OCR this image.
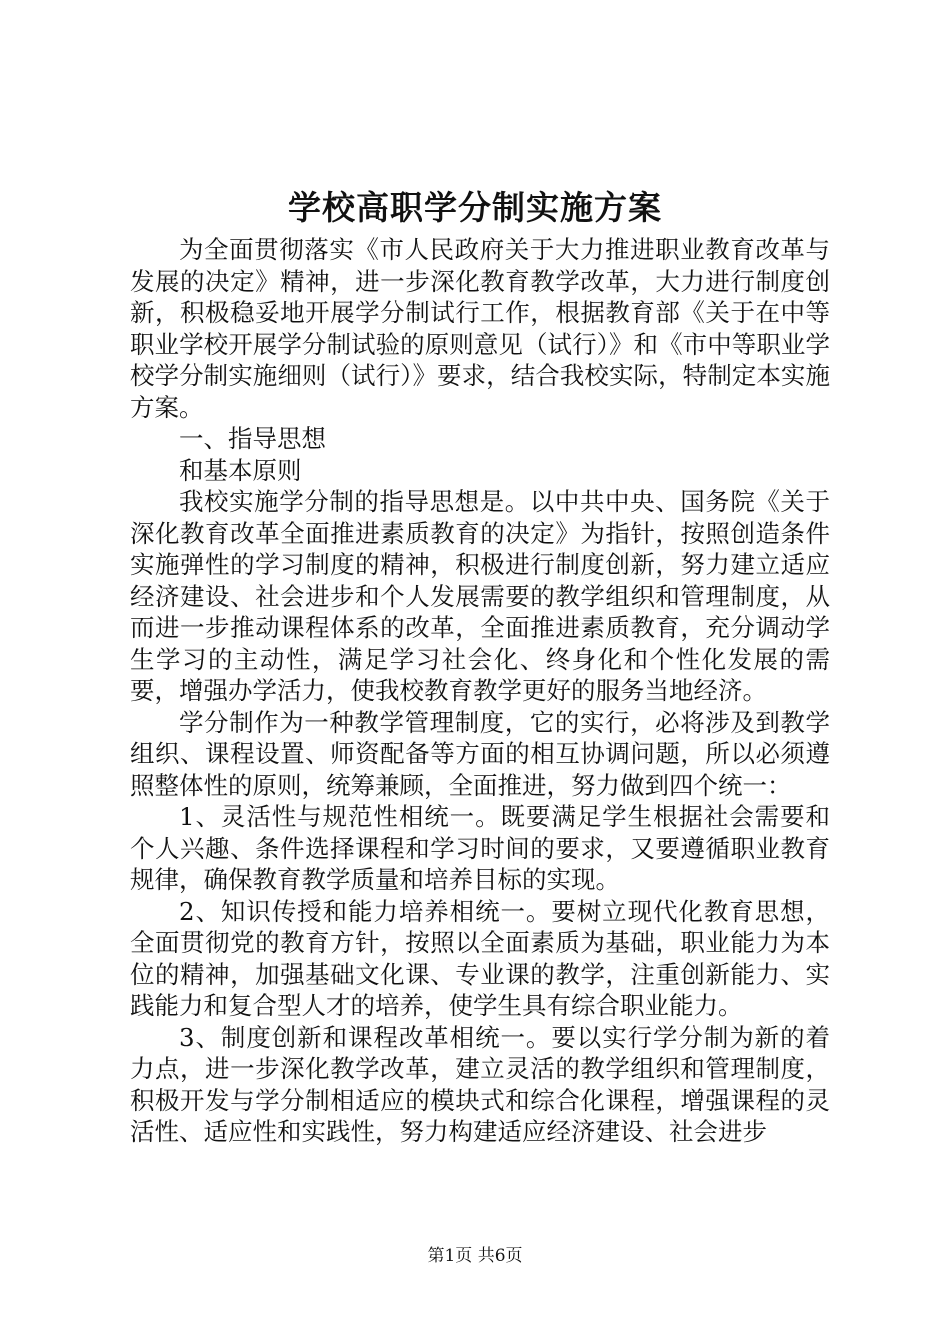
学校高职学分制实施方案

为全面贯彻落实《市人民政府关于大力推进职业教育改革与发展的决定》精神，进一步深化教育教学改革，大力进行制度创新，积极稳妥地开展学分制试行工作，根据教育部《关于在中等职业学校开展学分制试验的原则意见（试行）》和《市中等职业学校学分制实施细则（试行）》要求，结合我校实际，特制定本实施方案。

一、指导思想

和基本原则

我校实施学分制的指导思想是。以中共中央、国务院《关于深化教育改革全面推进素质教育的决定》为指针，按照创造条件实施弹性的学习制度的精神，积极进行制度创新，努力建立适应经济建设、社会进步和个人发展需要的教学组织和管理制度，从而进一步推动课程体系的改革，全面推进素质教育，充分调动学生学习的主动性，满足学习社会化、终身化和个性化发展的需要，增强办学活力，使我校教育教学更好的服务当地经济。

学分制作为一种教学管理制度，它的实行，必将涉及到教学组织、课程设置、师资配备等方面的相互协调问题，所以必须遵照整体性的原则，统筹兼顾，全面推进，努力做到四个统一：

1、灵活性与规范性相统一。既要满足学生根据社会需要和个人兴趣、条件选择课程和学习时间的要求，又要遵循职业教育规律，确保教育教学质量和培养目标的实现。

2、知识传授和能力培养相统一。要树立现代化教育思想，全面贯彻党的教育方针，按照以全面素质为基础，职业能力为本位的精神，加强基础文化课、专业课的教学，注重创新能力、实践能力和复合型人才的培养，使学生具有综合职业能力。

3、制度创新和课程改革相统一。要以实行学分制为新的着力点，进一步深化教学改革，建立灵活的教学组织和管理制度，积极开发与学分制相适应的模块式和综合化课程，增强课程的灵活性、适应性和实践性，努力构建适应经济建设、社会进步

第1页 共6页
